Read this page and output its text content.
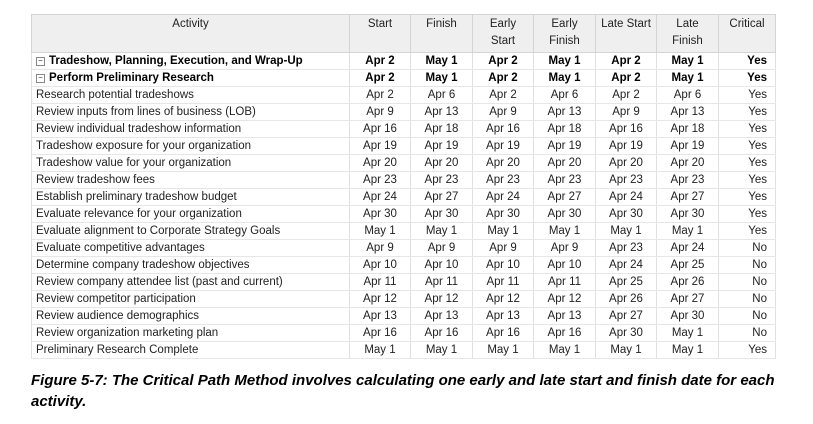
Activity	Start	Finish	Early Start	Early Finish	Late Start	Late Finish	Critical
− Tradeshow, Planning, Execution, and Wrap-Up	Apr 2	May 1	Apr 2	May 1	Apr 2	May 1	Yes
− Perform Preliminary Research	Apr 2	May 1	Apr 2	May 1	Apr 2	May 1	Yes
Research potential tradeshows	Apr 2	Apr 6	Apr 2	Apr 6	Apr 2	Apr 6	Yes
Review inputs from lines of business (LOB)	Apr 9	Apr 13	Apr 9	Apr 13	Apr 9	Apr 13	Yes
Review individual tradeshow information	Apr 16	Apr 18	Apr 16	Apr 18	Apr 16	Apr 18	Yes
Tradeshow exposure for your organization	Apr 19	Apr 19	Apr 19	Apr 19	Apr 19	Apr 19	Yes
Tradeshow value for your organization	Apr 20	Apr 20	Apr 20	Apr 20	Apr 20	Apr 20	Yes
Review tradeshow fees	Apr 23	Apr 23	Apr 23	Apr 23	Apr 23	Apr 23	Yes
Establish preliminary tradeshow budget	Apr 24	Apr 27	Apr 24	Apr 27	Apr 24	Apr 27	Yes
Evaluate relevance for your organization	Apr 30	Apr 30	Apr 30	Apr 30	Apr 30	Apr 30	Yes
Evaluate alignment to Corporate Strategy Goals	May 1	May 1	May 1	May 1	May 1	May 1	Yes
Evaluate competitive advantages	Apr 9	Apr 9	Apr 9	Apr 9	Apr 23	Apr 24	No
Determine company tradeshow objectives	Apr 10	Apr 10	Apr 10	Apr 10	Apr 24	Apr 25	No
Review company attendee list (past and current)	Apr 11	Apr 11	Apr 11	Apr 11	Apr 25	Apr 26	No
Review competitor participation	Apr 12	Apr 12	Apr 12	Apr 12	Apr 26	Apr 27	No
Review audience demographics	Apr 13	Apr 13	Apr 13	Apr 13	Apr 27	Apr 30	No
Review organization marketing plan	Apr 16	Apr 16	Apr 16	Apr 16	Apr 30	May 1	No
Preliminary Research Complete	May 1	May 1	May 1	May 1	May 1	May 1	Yes
Figure 5-7: The Critical Path Method involves calculating one early and late start and finish date for each activity.
